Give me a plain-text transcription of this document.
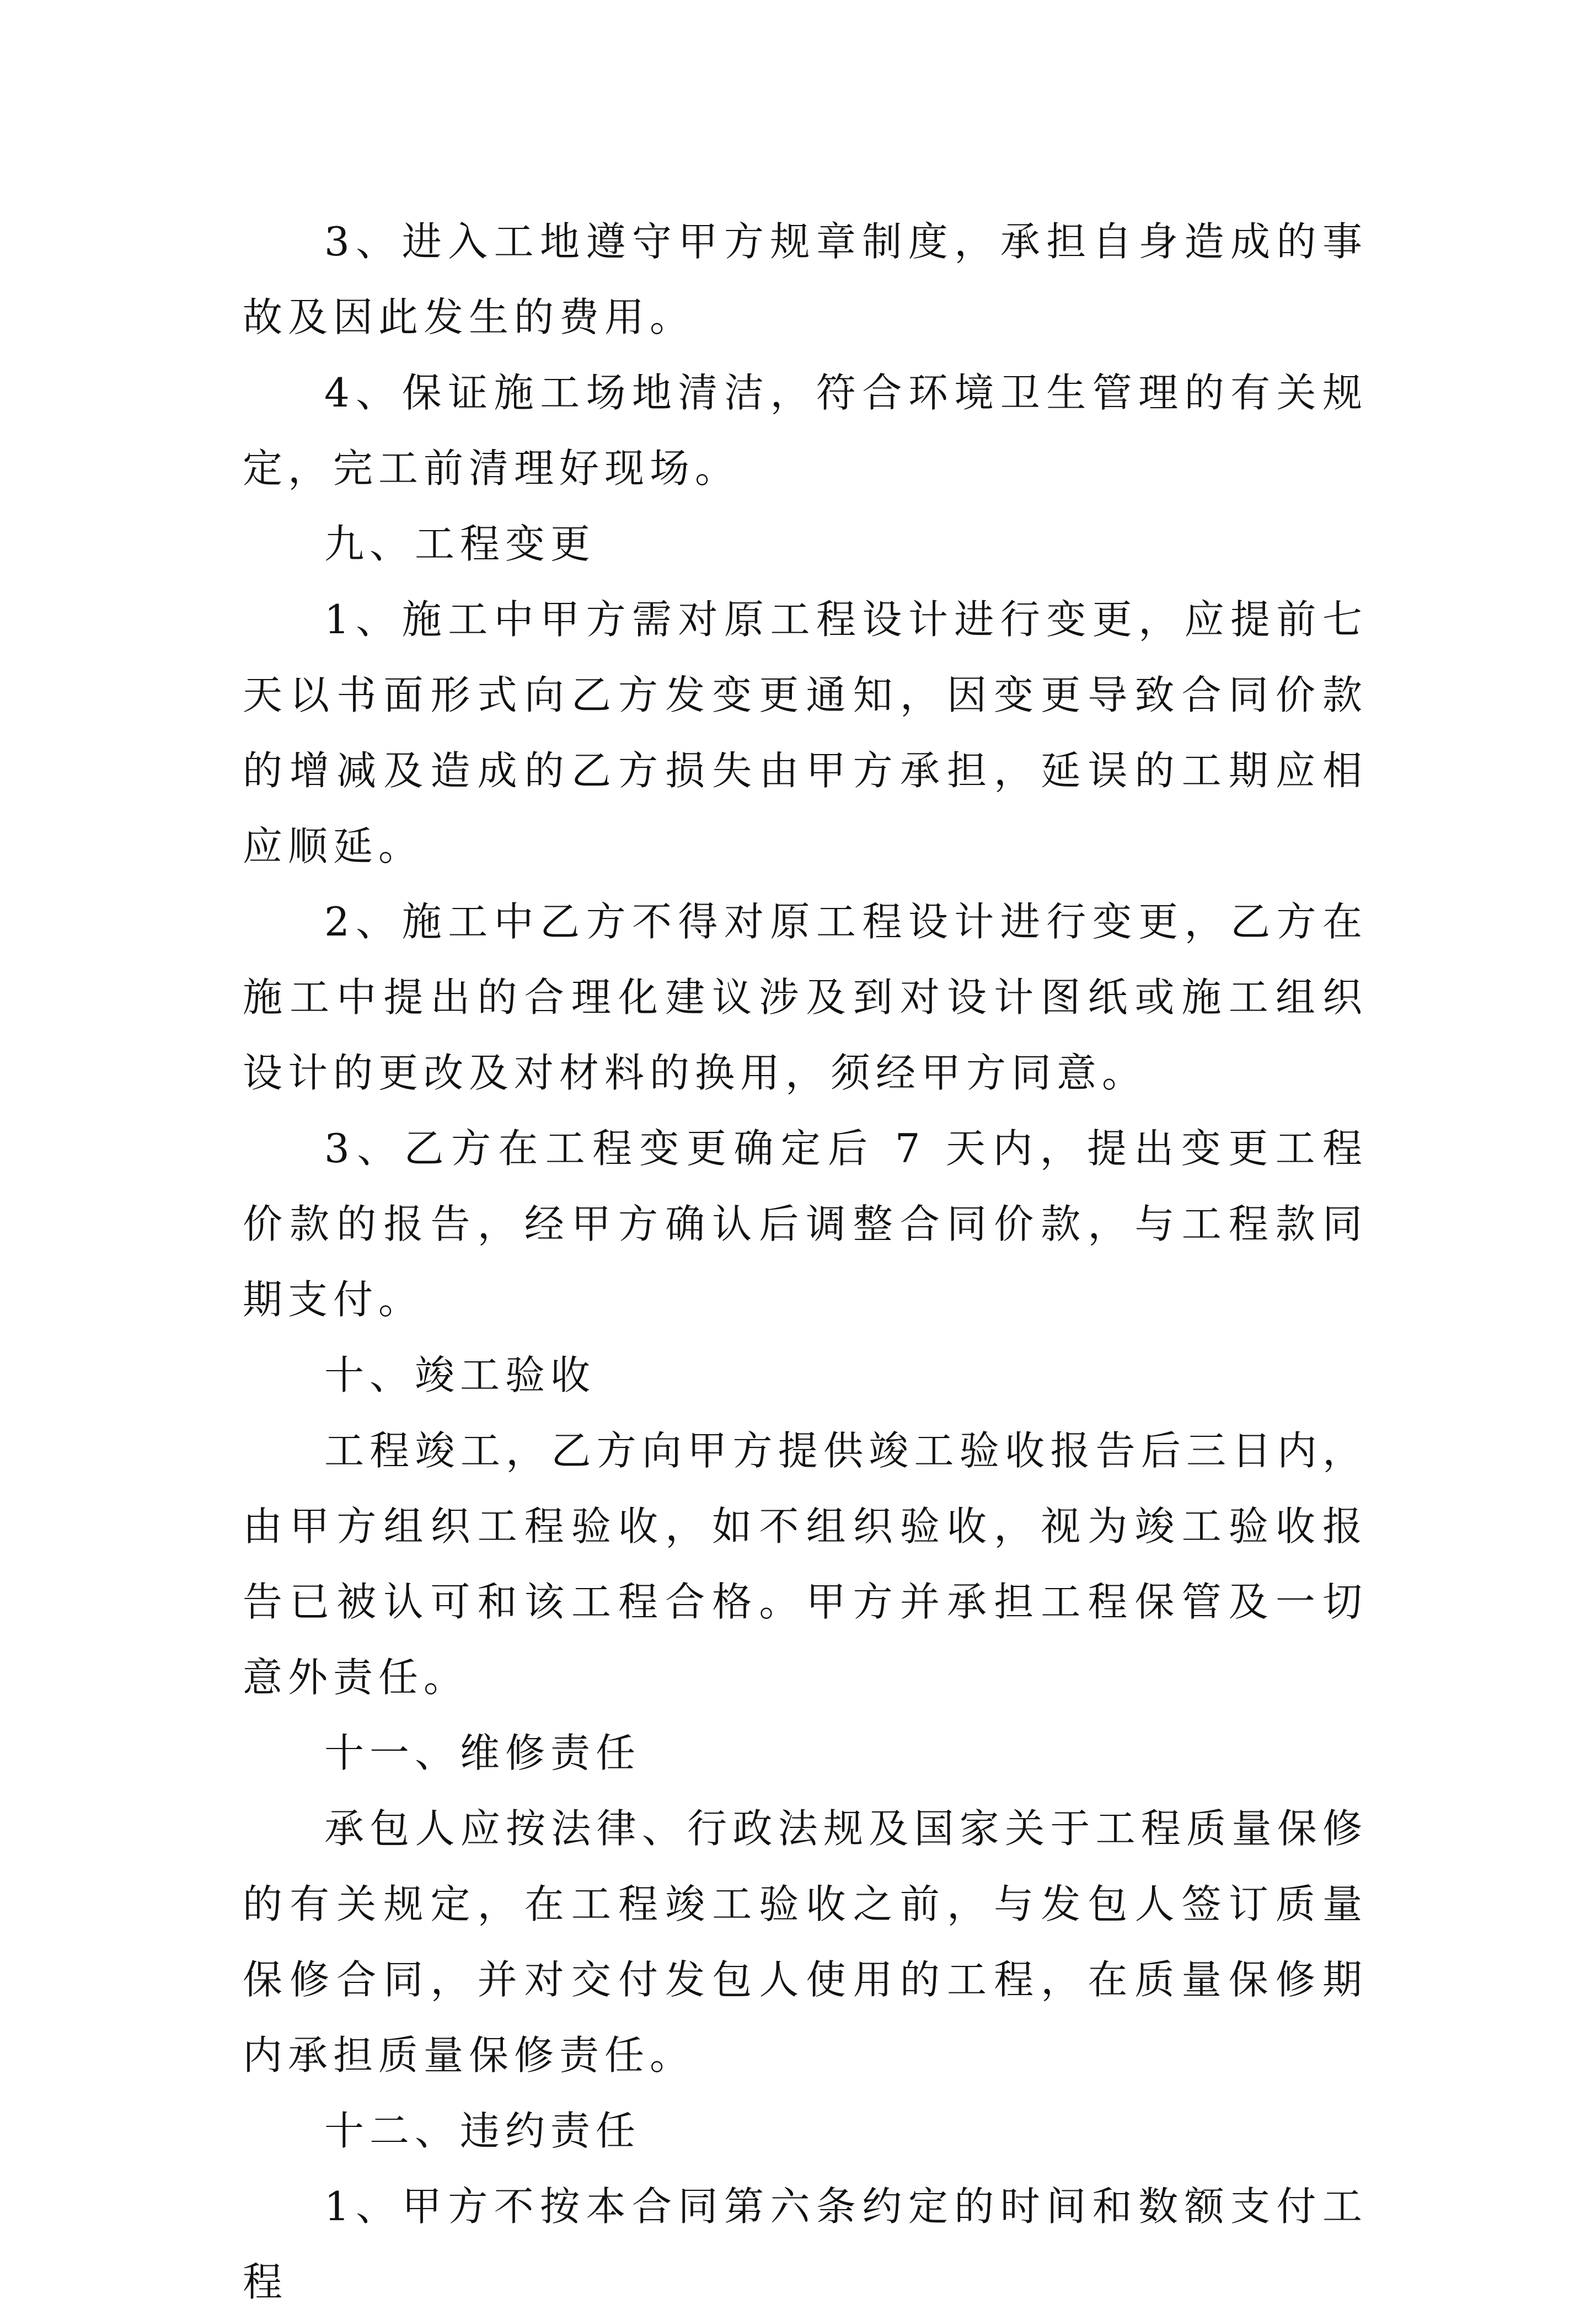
3、进入工地遵守甲方规章制度，承担自身造成的事故及因此发生的费用。

4、保证施工场地清洁，符合环境卫生管理的有关规定，完工前清理好现场。

九、工程变更

1、施工中甲方需对原工程设计进行变更，应提前七天以书面形式向乙方发变更通知，因变更导致合同价款的增减及造成的乙方损失由甲方承担，延误的工期应相应顺延。

2、施工中乙方不得对原工程设计进行变更，乙方在施工中提出的合理化建议涉及到对设计图纸或施工组织设计的更改及对材料的换用，须经甲方同意。

3、乙方在工程变更确定后 7 天内，提出变更工程价款的报告，经甲方确认后调整合同价款，与工程款同期支付。

十、竣工验收

工程竣工，乙方向甲方提供竣工验收报告后三日内，由甲方组织工程验收，如不组织验收，视为竣工验收报告已被认可和该工程合格。甲方并承担工程保管及一切意外责任。

十一、维修责任

承包人应按法律、行政法规及国家关于工程质量保修的有关规定，在工程竣工验收之前，与发包人签订质量保修合同，并对交付发包人使用的工程，在质量保修期内承担质量保修责任。

十二、违约责任

1、甲方不按本合同第六条约定的时间和数额支付工程
